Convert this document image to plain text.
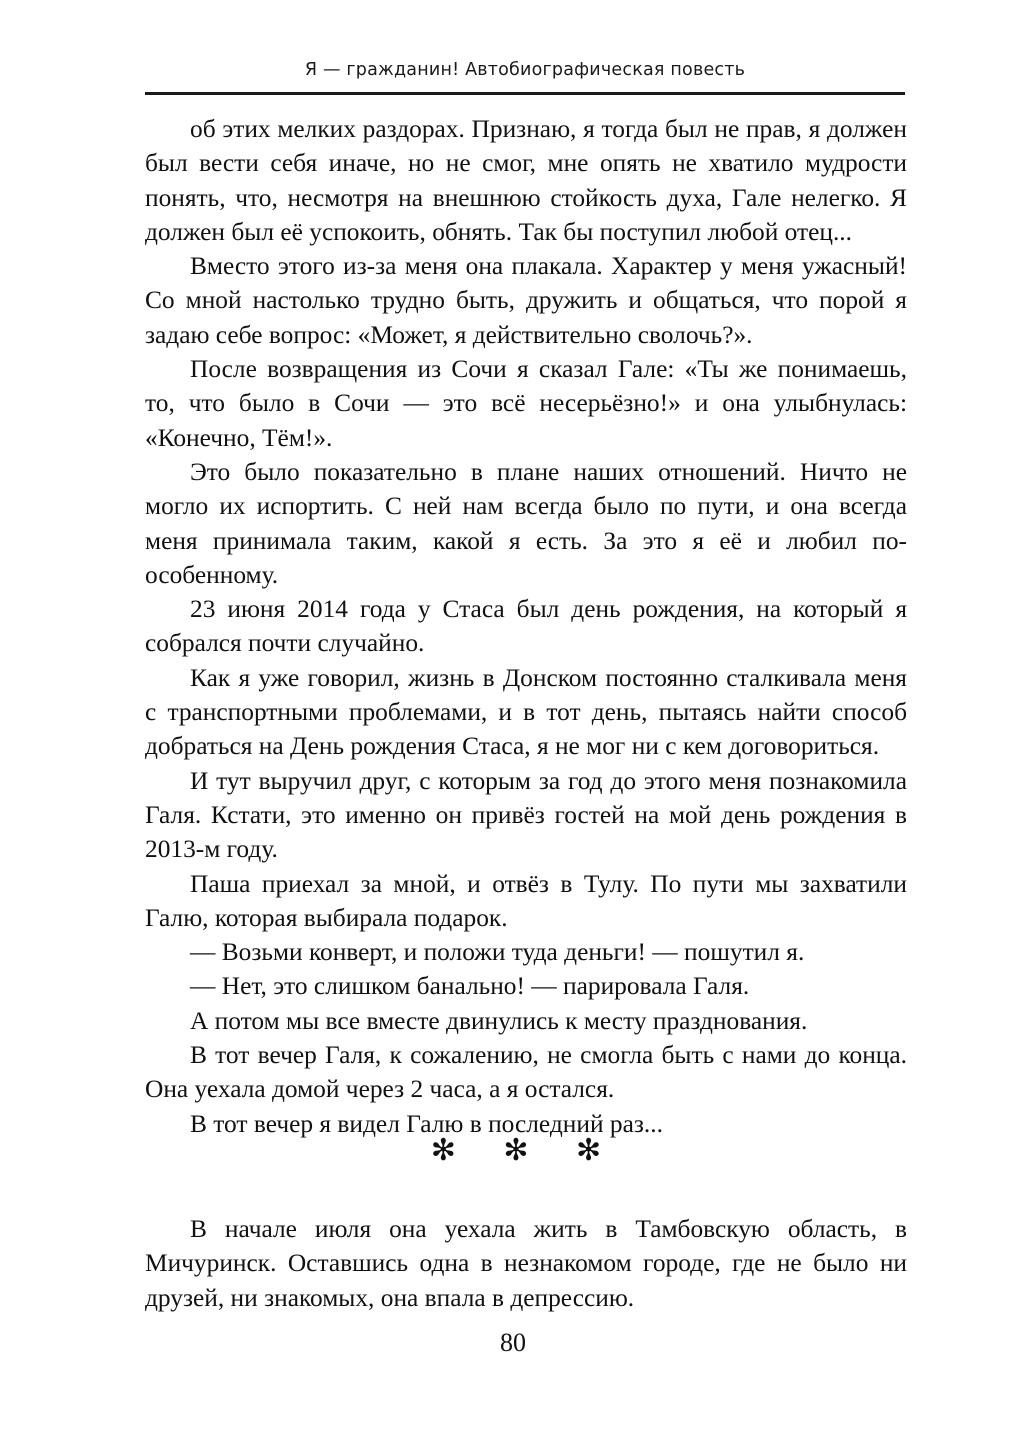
Я — гражданин! Автобиографическая повесть

об этих мелких раздорах. Признаю, я тогда был не прав, я должен был вести себя иначе, но не смог, мне опять не хватило мудрости понять, что, несмотря на внешнюю стойкость духа, Гале нелегко. Я должен был её успокоить, обнять. Так бы поступил любой отец...

Вместо этого из-за меня она плакала. Характер у меня ужасный! Со мной настолько трудно быть, дружить и общаться, что порой я задаю себе вопрос: «Может, я действительно сволочь?».

После возвращения из Сочи я сказал Гале: «Ты же понимаешь, то, что было в Сочи — это всё несерьёзно!» и она улыбнулась: «Конечно, Тём!».

Это было показательно в плане наших отношений. Ничто не могло их испортить. С ней нам всегда было по пути, и она всегда меня принимала таким, какой я есть. За это я её и любил по-особенному.

23 июня 2014 года у Стаса был день рождения, на который я собрался почти случайно.

Как я уже говорил, жизнь в Донском постоянно сталкивала меня с транспортными проблемами, и в тот день, пытаясь найти способ добраться на День рождения Стаса, я не мог ни с кем договориться.

И тут выручил друг, с которым за год до этого меня познакомила Галя. Кстати, это именно он привёз гостей на мой день рождения в 2013-м году.

Паша приехал за мной, и отвёз в Тулу. По пути мы захватили Галю, которая выбирала подарок.

— Возьми конверт, и положи туда деньги! — пошутил я.

— Нет, это слишком банально! — парировала Галя.

А потом мы все вместе двинулись к месту празднования.

В тот вечер Галя, к сожалению, не смогла быть с нами до конца. Она уехала домой через 2 часа, а я остался.

В тот вечер я видел Галю в последний раз...

✻ ✻ ✻

В начале июля она уехала жить в Тамбовскую область, в Мичуринск. Оставшись одна в незнакомом городе, где не было ни друзей, ни знакомых, она впала в депрессию.

80
